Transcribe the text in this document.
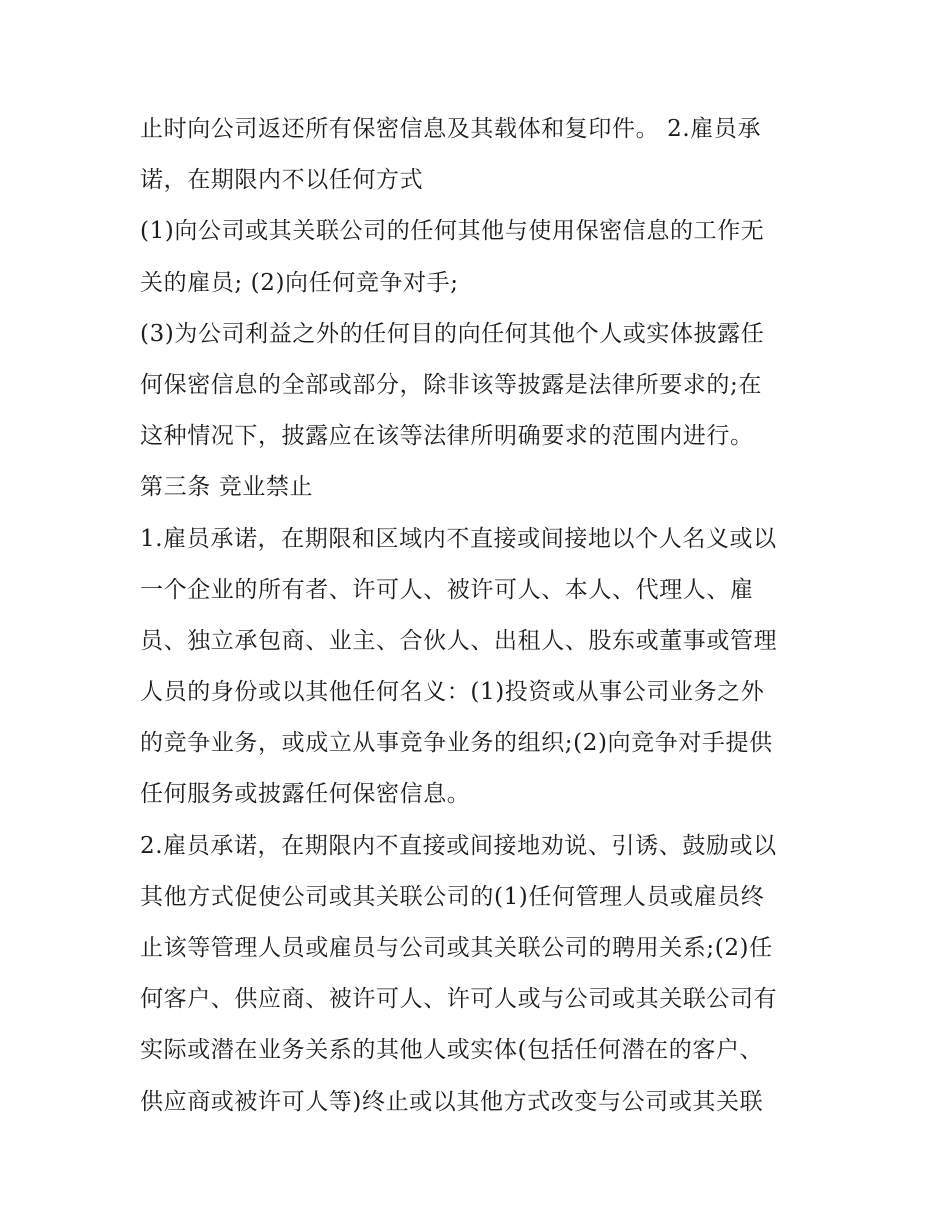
止时向公司返还所有保密信息及其载体和复印件。 2.雇员承
诺，在期限内不以任何方式
(1)向公司或其关联公司的任何其他与使用保密信息的工作无
关的雇员; (2)向任何竞争对手;
(3)为公司利益之外的任何目的向任何其他个人或实体披露任
何保密信息的全部或部分，除非该等披露是法律所要求的;在
这种情况下，披露应在该等法律所明确要求的范围内进行。
第三条 竞业禁止
1.雇员承诺，在期限和区域内不直接或间接地以个人名义或以
一个企业的所有者、许可人、被许可人、本人、代理人、雇
员、独立承包商、业主、合伙人、出租人、股东或董事或管理
人员的身份或以其他任何名义：(1)投资或从事公司业务之外
的竞争业务，或成立从事竞争业务的组织;(2)向竞争对手提供
任何服务或披露任何保密信息。
2.雇员承诺，在期限内不直接或间接地劝说、引诱、鼓励或以
其他方式促使公司或其关联公司的(1)任何管理人员或雇员终
止该等管理人员或雇员与公司或其关联公司的聘用关系;(2)任
何客户、供应商、被许可人、许可人或与公司或其关联公司有
实际或潜在业务关系的其他人或实体(包括任何潜在的客户、
供应商或被许可人等)终止或以其他方式改变与公司或其关联
